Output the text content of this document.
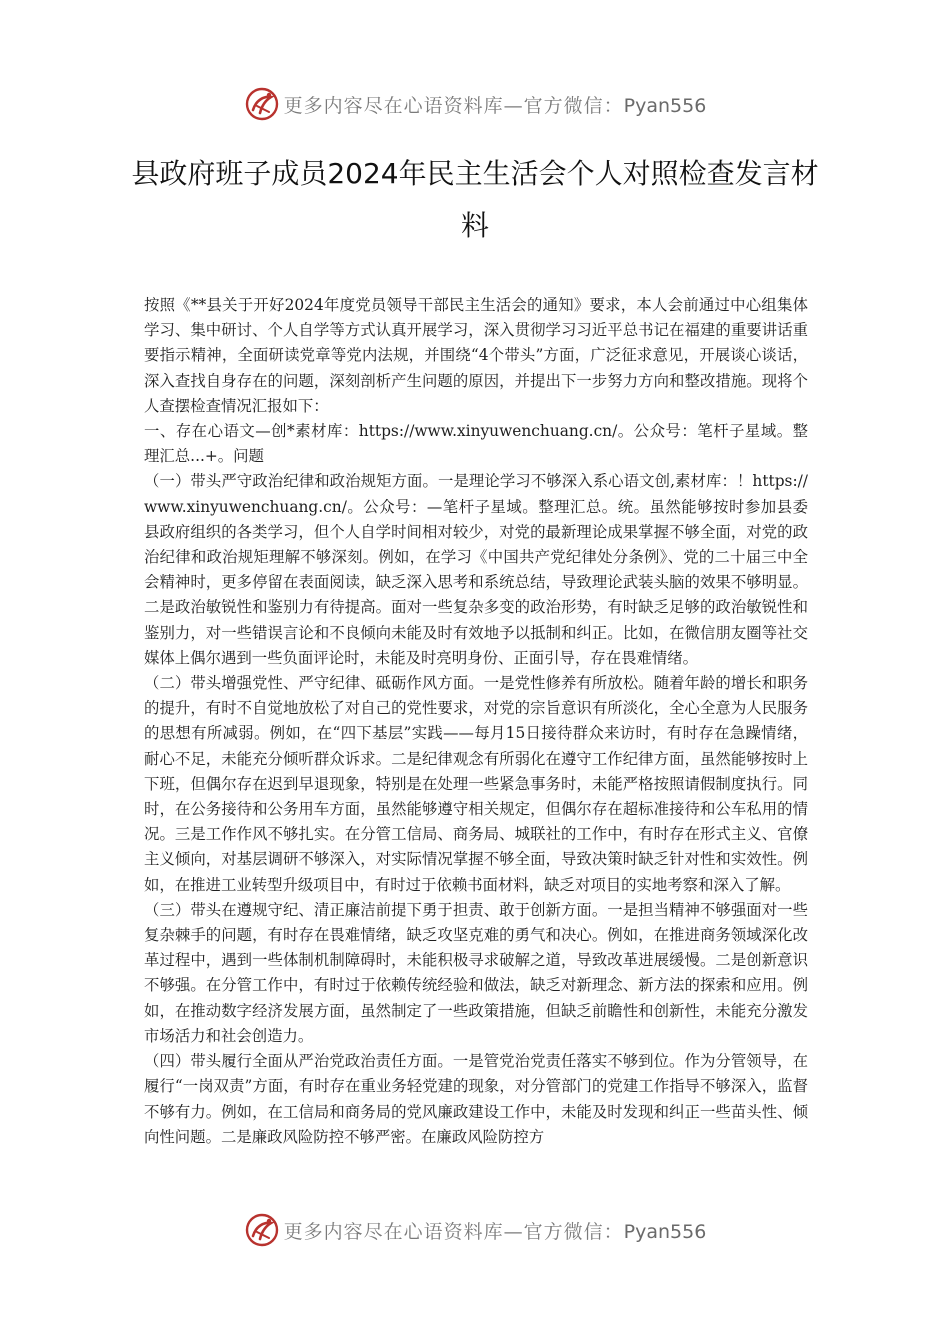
更多内容尽在心语资料库—官方微信：Pyan556
县政府班子成员2024年民主生活会个人对照检查发言材料

按照《**县关于开好2024年度党员领导干部民主生活会的通知》要求，本人会前通过中心组集体学习、集中研讨、个人自学等方式认真开展学习，深入贯彻学习习近平总书记在福建的重要讲话重要指示精神，全面研读党章等党内法规，并围绕“4个带头”方面，广泛征求意见，开展谈心谈话，深入查找自身存在的问题，深刻剖析产生问题的原因，并提出下一步努力方向和整改措施。现将个人查摆检查情况汇报如下：

一、存在心语文—创*素材库：https://www.xinyuwenchuang.cn/。公众号：笔杆子星域。整理汇总...+。问题

（一）带头严守政治纪律和政治规矩方面。一是理论学习不够深入系心语文创,素材库：！https://www.xinyuwenchuang.cn/。公众号：—笔杆子星域。整理汇总。统。虽然能够按时参加县委县政府组织的各类学习，但个人自学时间相对较少，对党的最新理论成果掌握不够全面，对党的政治纪律和政治规矩理解不够深刻。例如，在学习《中国共产党纪律处分条例》、党的二十届三中全会精神时，更多停留在表面阅读，缺乏深入思考和系统总结，导致理论武装头脑的效果不够明显。二是政治敏锐性和鉴别力有待提高。面对一些复杂多变的政治形势，有时缺乏足够的政治敏锐性和鉴别力，对一些错误言论和不良倾向未能及时有效地予以抵制和纠正。比如，在微信朋友圈等社交媒体上偶尔遇到一些负面评论时，未能及时亮明身份、正面引导，存在畏难情绪。

（二）带头增强党性、严守纪律、砥砺作风方面。一是党性修养有所放松。随着年龄的增长和职务的提升，有时不自觉地放松了对自己的党性要求，对党的宗旨意识有所淡化，全心全意为人民服务的思想有所减弱。例如，在“四下基层”实践——每月15日接待群众来访时，有时存在急躁情绪，耐心不足，未能充分倾听群众诉求。二是纪律观念有所弱化在遵守工作纪律方面，虽然能够按时上下班，但偶尔存在迟到早退现象，特别是在处理一些紧急事务时，未能严格按照请假制度执行。同时，在公务接待和公务用车方面，虽然能够遵守相关规定，但偶尔存在超标准接待和公车私用的情况。三是工作作风不够扎实。在分管工信局、商务局、城联社的工作中，有时存在形式主义、官僚主义倾向，对基层调研不够深入，对实际情况掌握不够全面，导致决策时缺乏针对性和实效性。例如，在推进工业转型升级项目中，有时过于依赖书面材料，缺乏对项目的实地考察和深入了解。

（三）带头在遵规守纪、清正廉洁前提下勇于担责、敢于创新方面。一是担当精神不够强面对一些复杂棘手的问题，有时存在畏难情绪，缺乏攻坚克难的勇气和决心。例如，在推进商务领域深化改革过程中，遇到一些体制机制障碍时，未能积极寻求破解之道，导致改革进展缓慢。二是创新意识不够强。在分管工作中，有时过于依赖传统经验和做法，缺乏对新理念、新方法的探索和应用。例如，在推动数字经济发展方面，虽然制定了一些政策措施，但缺乏前瞻性和创新性，未能充分激发市场活力和社会创造力。

（四）带头履行全面从严治党政治责任方面。一是管党治党责任落实不够到位。作为分管领导，在履行“一岗双责”方面，有时存在重业务轻党建的现象，对分管部门的党建工作指导不够深入，监督不够有力。例如，在工信局和商务局的党风廉政建设工作中，未能及时发现和纠正一些苗头性、倾向性问题。二是廉政风险防控不够严密。在廉政风险防控方

更多内容尽在心语资料库—官方微信：Pyan556
